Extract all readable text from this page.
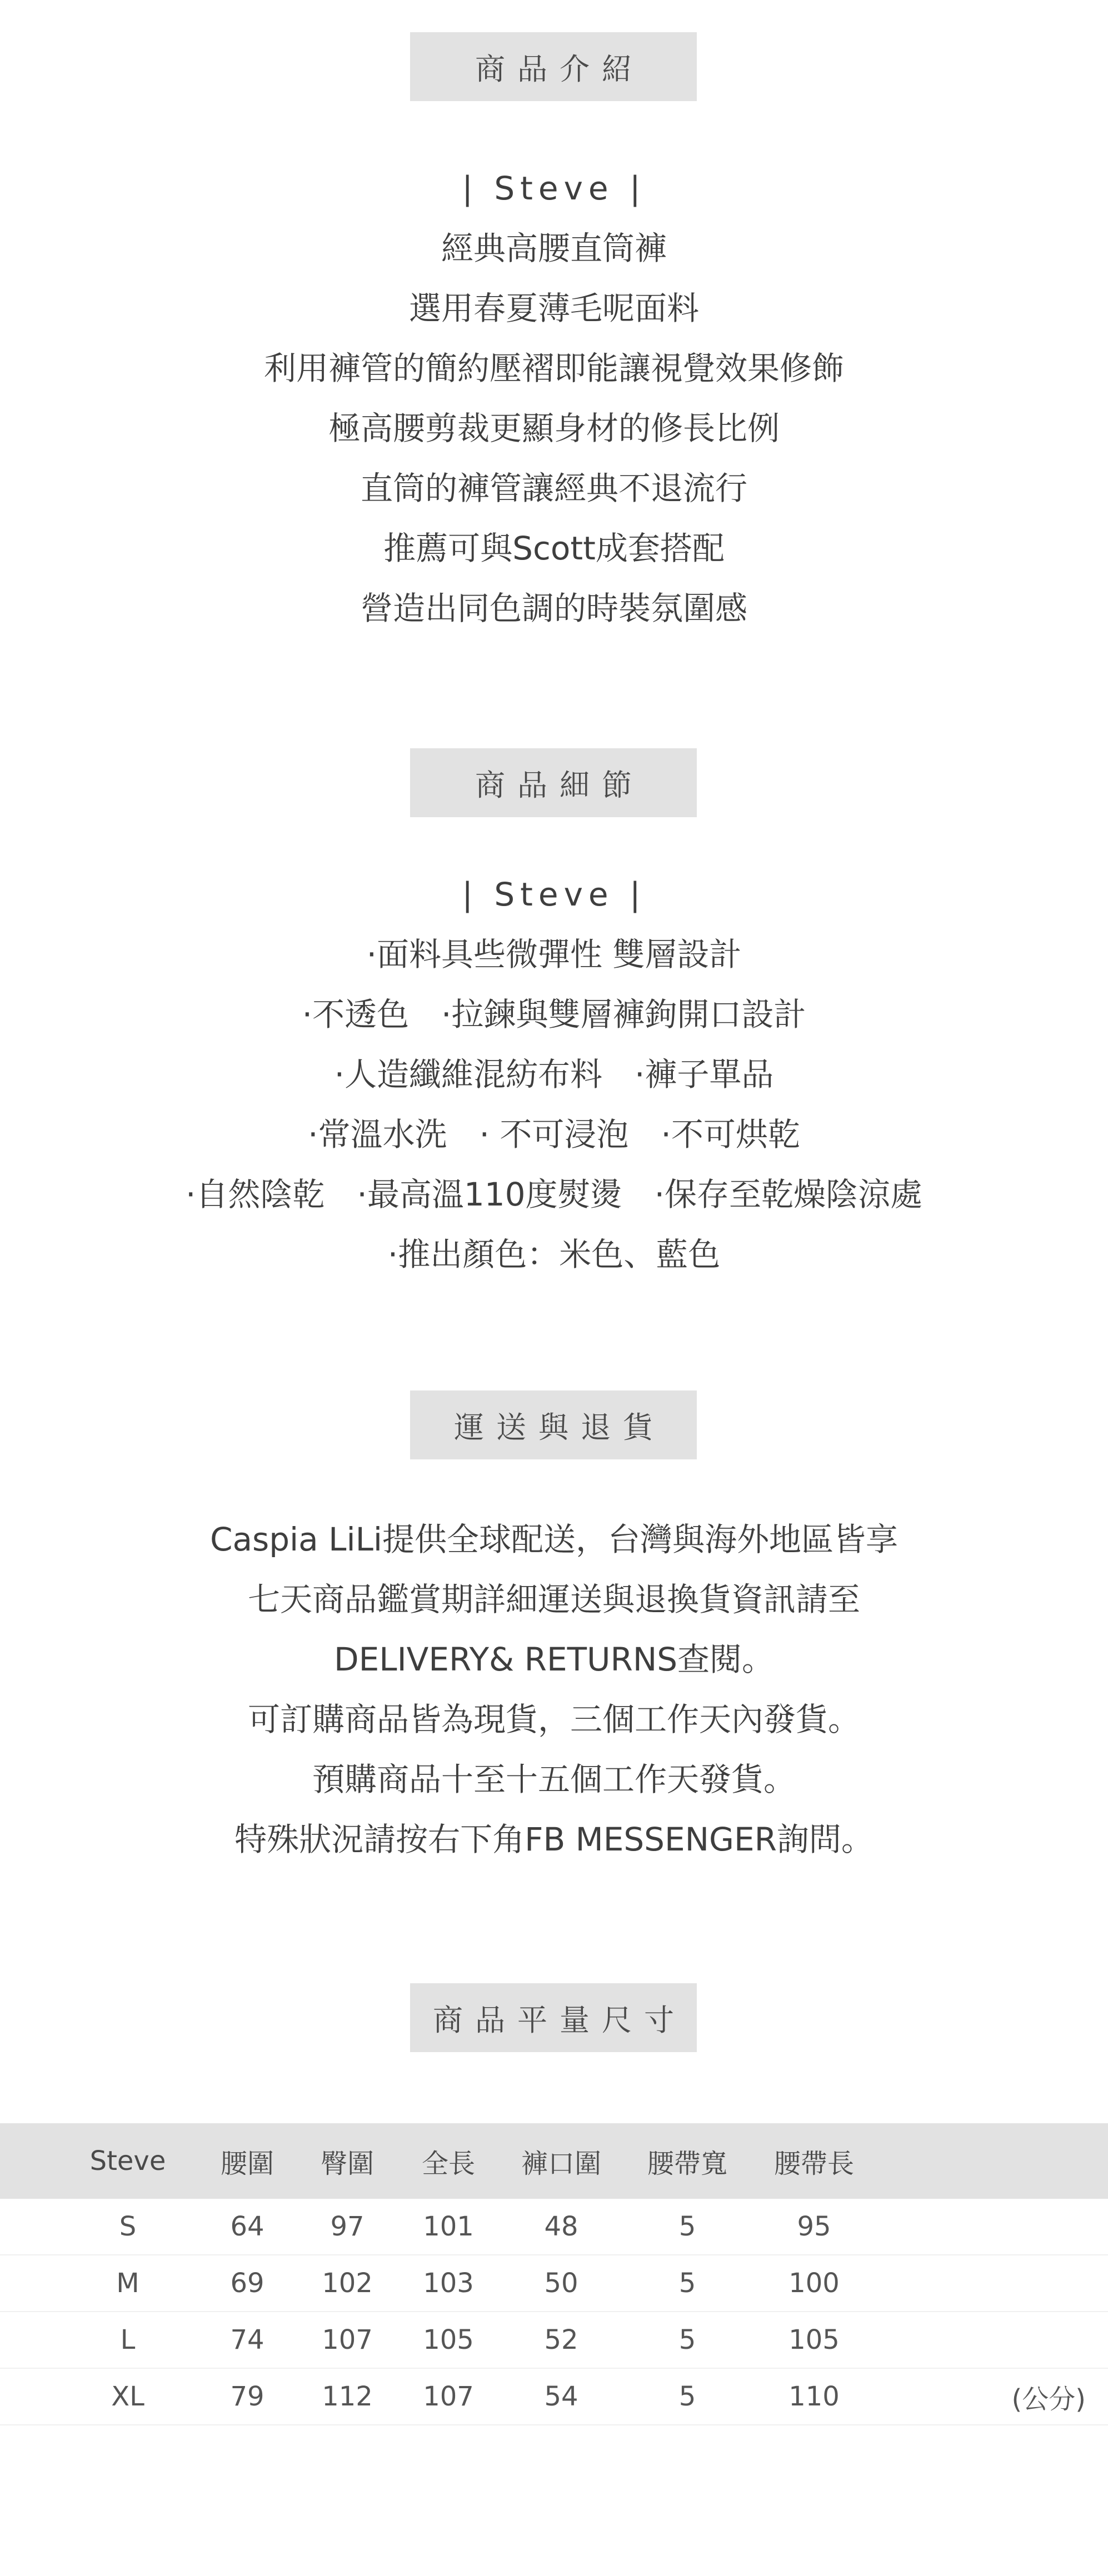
商品介紹
| Steve |
經典高腰直筒褲
選用春夏薄毛呢面料
利用褲管的簡約壓褶即能讓視覺效果修飾
極高腰剪裁更顯身材的修長比例
直筒的褲管讓經典不退流行
推薦可與Scott成套搭配
營造出同色調的時裝氛圍感
商品細節
| Steve |
·面料具些微彈性 雙層設計
·不透色　·拉鍊與雙層褲鉤開口設計
·人造纖維混紡布料　·褲子單品
·常溫水洗　· 不可浸泡　·不可烘乾
·自然陰乾　·最高溫110度熨燙　·保存至乾燥陰涼處
·推出顏色：米色、藍色
運送與退貨
Caspia LiLi提供全球配送，台灣與海外地區皆享
七天商品鑑賞期詳細運送與退換貨資訊請至
DELIVERY& RETURNS查閱。
可訂購商品皆為現貨，三個工作天內發貨。
預購商品十至十五個工作天發貨。
特殊狀況請按右下角FB MESSENGER詢問。
商品平量尺寸
Steve	腰圍	臀圍	全長	褲口圍	腰帶寬	腰帶長
S	64	97	101	48	5	95
M	69	102	103	50	5	100
L	74	107	105	52	5	105
XL	79	112	107	54	5	110	(公分)
